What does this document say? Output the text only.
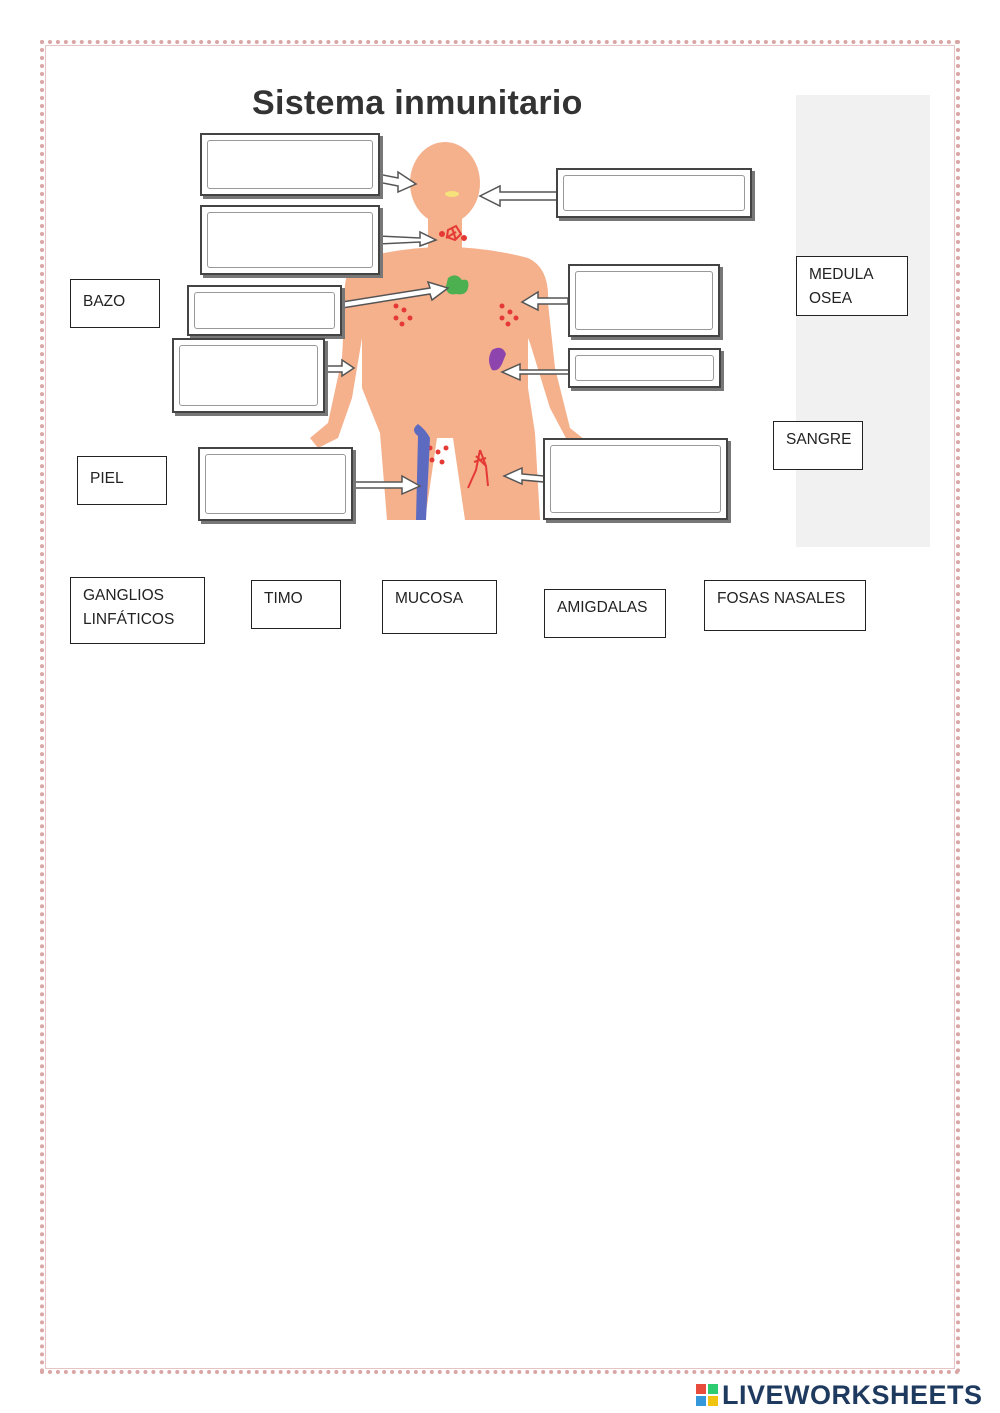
Sistema inmunitario
BAZO
PIEL
MEDULA
OSEA
SANGRE
GANGLIOS
LINFÁTICOS
TIMO	MUCOSA
AMIGDALAS
FOSAS NASALES
LIVEWORKSHEETS
